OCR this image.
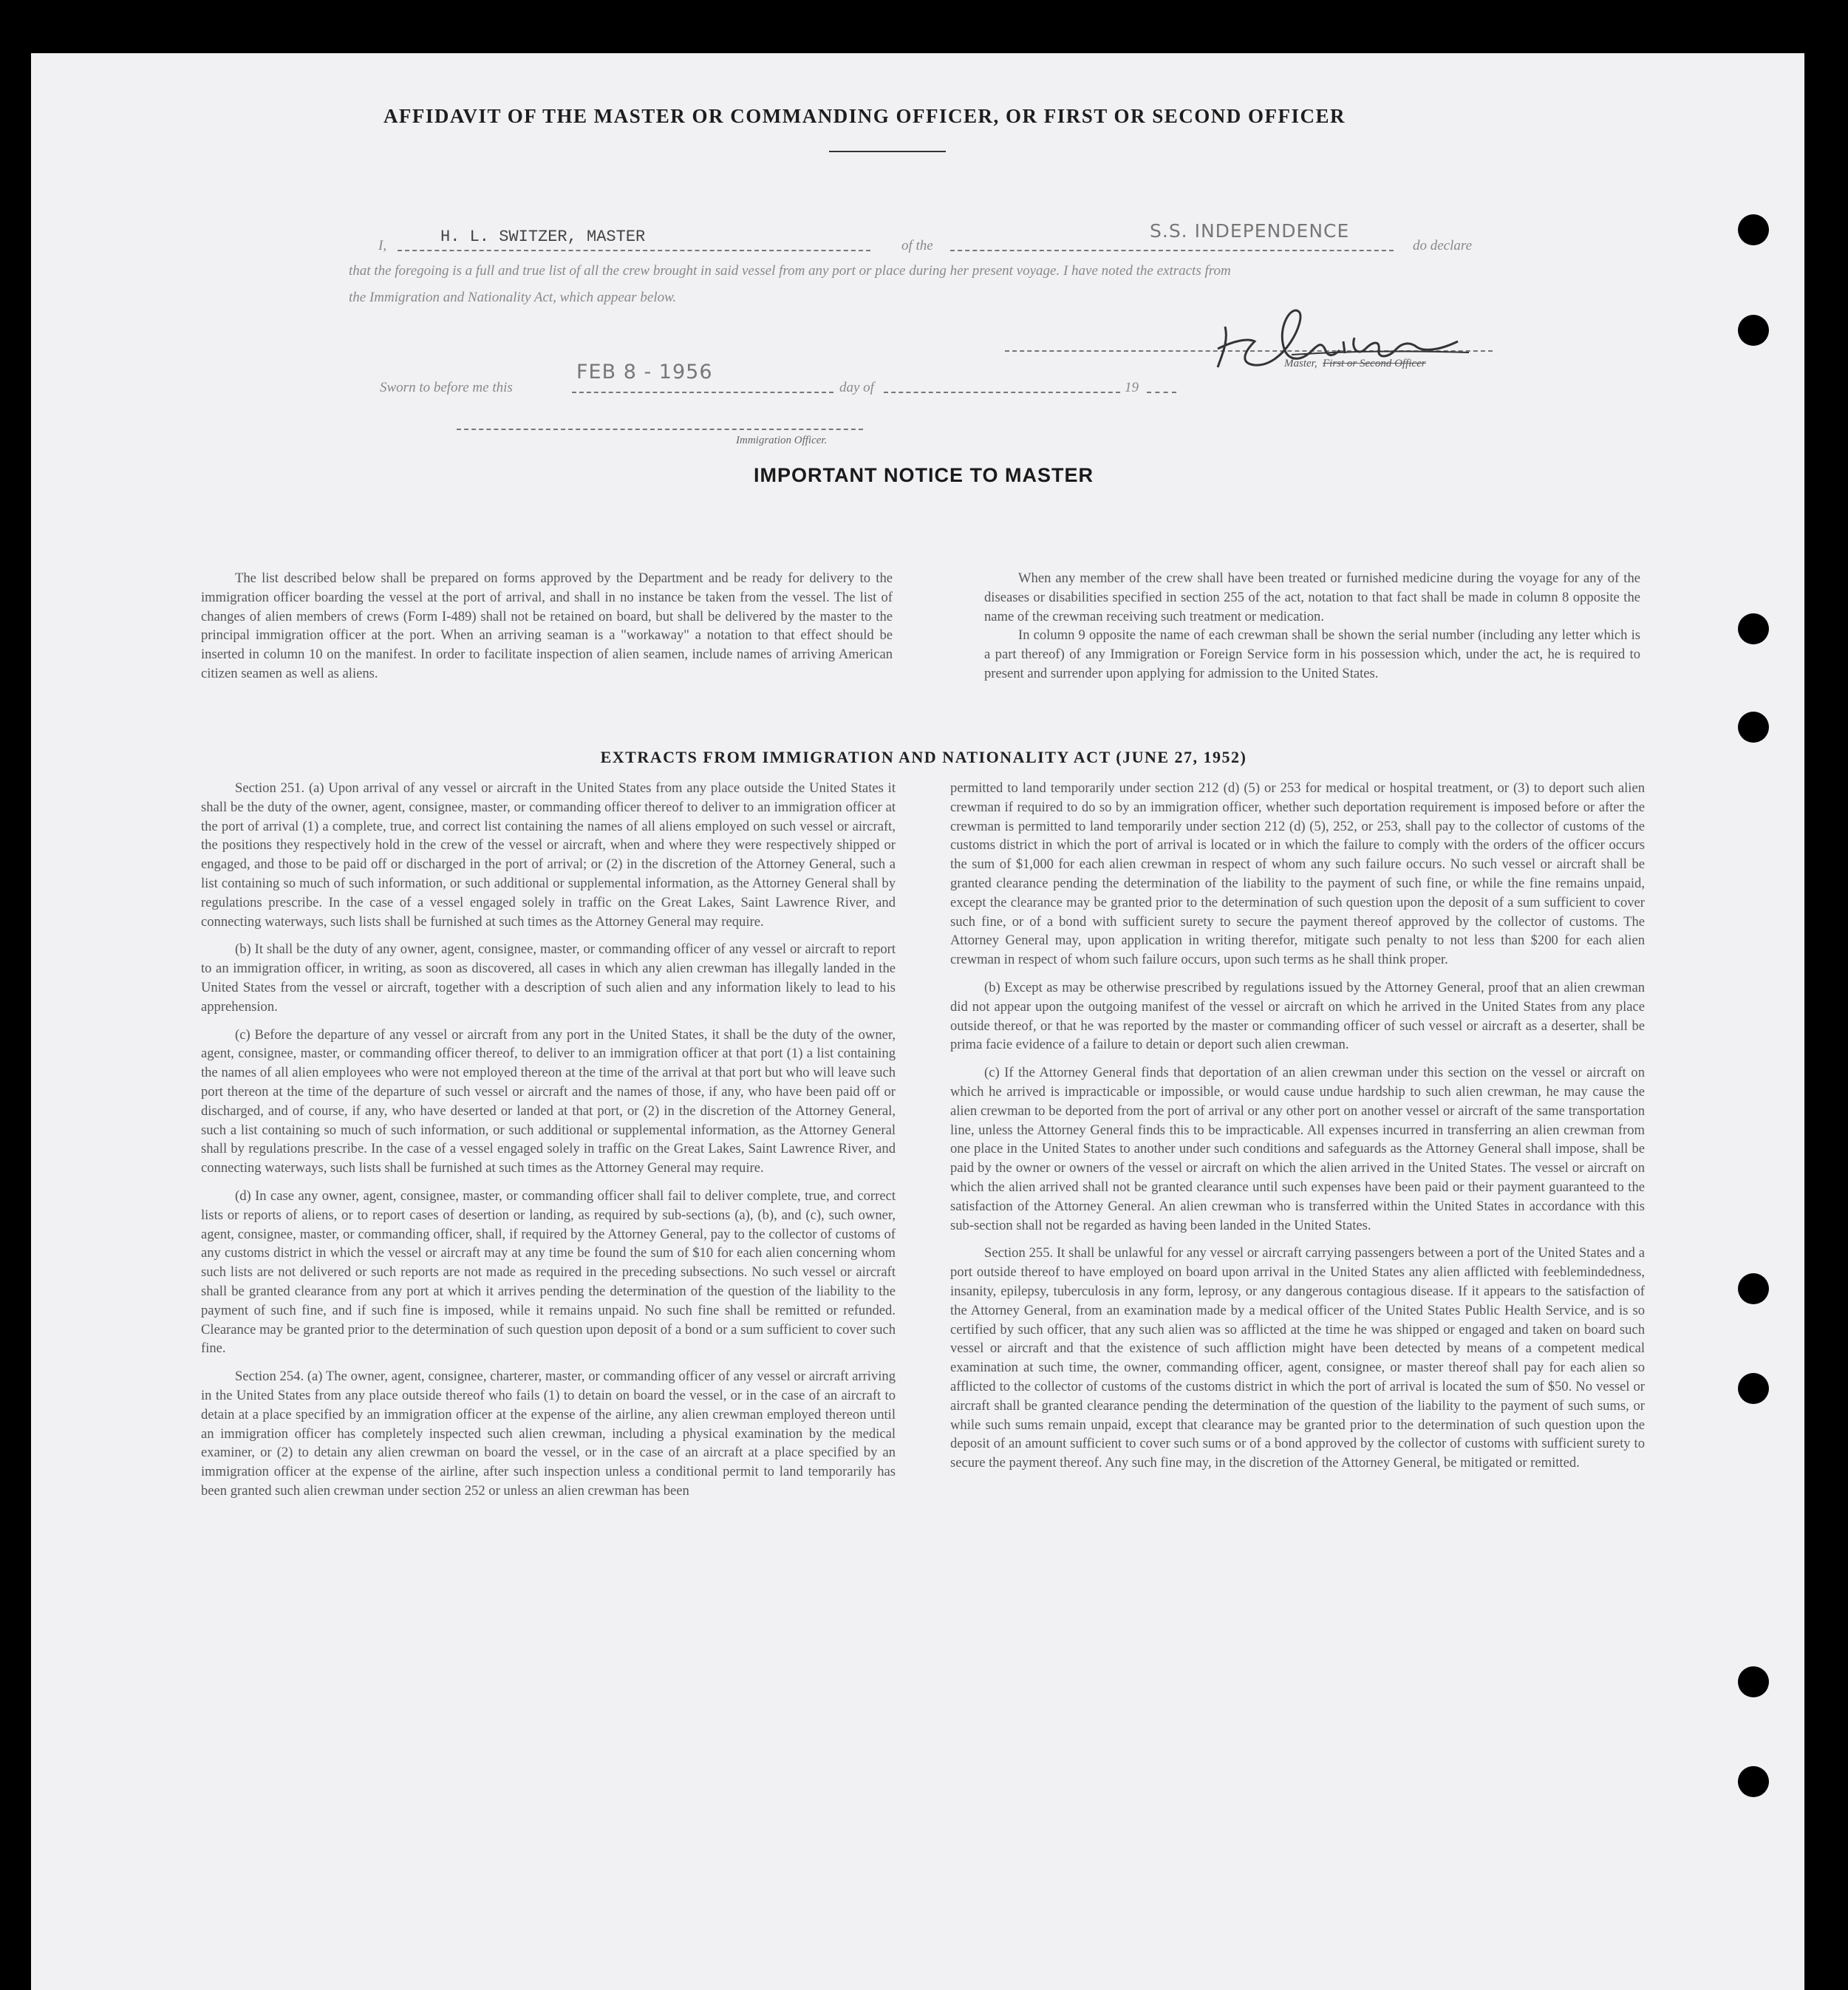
AFFIDAVIT OF THE MASTER OR COMMANDING OFFICER, OR FIRST OR SECOND OFFICER
I,	H. L. SWITZER, MASTER	of the
S.S. INDEPENDENCE
do declare
that the foregoing is a full and true list of all the crew brought in said vessel from any port or place during her present voyage. I have noted the extracts from
the Immigration and Nationality Act, which appear below.
Master, First or Second Officer
Sworn to before me this
FEB 8 - 1956
day of	19
Immigration Officer.
IMPORTANT NOTICE TO MASTER

The list described below shall be prepared on forms approved by the Department and be ready for delivery to the immigration officer boarding the vessel at the port of arrival, and shall in no instance be taken from the vessel. The list of changes of alien members of crews (Form I-489) shall not be retained on board, but shall be delivered by the master to the principal immigration officer at the port. When an arriving seaman is a "workaway" a notation to that effect should be inserted in column 10 on the manifest. In order to facilitate inspection of alien seamen, include names of arriving American citizen seamen as well as aliens.

When any member of the crew shall have been treated or furnished medicine during the voyage for any of the diseases or disabilities specified in section 255 of the act, notation to that fact shall be made in column 8 opposite the name of the crewman receiving such treatment or medication.

In column 9 opposite the name of each crewman shall be shown the serial number (including any letter which is a part thereof) of any Immigration or Foreign Service form in his possession which, under the act, he is required to present and surrender upon applying for admission to the United States.

EXTRACTS FROM IMMIGRATION AND NATIONALITY ACT (JUNE 27, 1952)

Section 251. (a) Upon arrival of any vessel or aircraft in the United States from any place outside the United States it shall be the duty of the owner, agent, consignee, master, or commanding officer thereof to deliver to an immigration officer at the port of arrival (1) a complete, true, and correct list containing the names of all aliens employed on such vessel or aircraft, the positions they respectively hold in the crew of the vessel or aircraft, when and where they were respectively shipped or engaged, and those to be paid off or discharged in the port of arrival; or (2) in the discretion of the Attorney General, such a list containing so much of such information, or such additional or supplemental information, as the Attorney General shall by regulations prescribe. In the case of a vessel engaged solely in traffic on the Great Lakes, Saint Lawrence River, and connecting waterways, such lists shall be furnished at such times as the Attorney General may require.

(b) It shall be the duty of any owner, agent, consignee, master, or commanding officer of any vessel or aircraft to report to an immigration officer, in writing, as soon as discovered, all cases in which any alien crewman has illegally landed in the United States from the vessel or aircraft, together with a description of such alien and any information likely to lead to his apprehension.

(c) Before the departure of any vessel or aircraft from any port in the United States, it shall be the duty of the owner, agent, consignee, master, or commanding officer thereof, to deliver to an immigration officer at that port (1) a list containing the names of all alien employees who were not employed thereon at the time of the arrival at that port but who will leave such port thereon at the time of the departure of such vessel or aircraft and the names of those, if any, who have been paid off or discharged, and of course, if any, who have deserted or landed at that port, or (2) in the discretion of the Attorney General, such a list containing so much of such information, or such additional or supplemental information, as the Attorney General shall by regulations prescribe. In the case of a vessel engaged solely in traffic on the Great Lakes, Saint Lawrence River, and connecting waterways, such lists shall be furnished at such times as the Attorney General may require.

(d) In case any owner, agent, consignee, master, or commanding officer shall fail to deliver complete, true, and correct lists or reports of aliens, or to report cases of desertion or landing, as required by sub-sections (a), (b), and (c), such owner, agent, consignee, master, or commanding officer, shall, if required by the Attorney General, pay to the collector of customs of any customs district in which the vessel or aircraft may at any time be found the sum of $10 for each alien concerning whom such lists are not delivered or such reports are not made as required in the preceding subsections. No such vessel or aircraft shall be granted clearance from any port at which it arrives pending the determination of the question of the liability to the payment of such fine, and if such fine is imposed, while it remains unpaid. No such fine shall be remitted or refunded. Clearance may be granted prior to the determination of such question upon deposit of a bond or a sum sufficient to cover such fine.

Section 254. (a) The owner, agent, consignee, charterer, master, or commanding officer of any vessel or aircraft arriving in the United States from any place outside thereof who fails (1) to detain on board the vessel, or in the case of an aircraft to detain at a place specified by an immigration officer at the expense of the airline, any alien crewman employed thereon until an immigration officer has completely inspected such alien crewman, including a physical examination by the medical examiner, or (2) to detain any alien crewman on board the vessel, or in the case of an aircraft at a place specified by an immigration officer at the expense of the airline, after such inspection unless a conditional permit to land temporarily has been granted such alien crewman under section 252 or unless an alien crewman has been

permitted to land temporarily under section 212 (d) (5) or 253 for medical or hospital treatment, or (3) to deport such alien crewman if required to do so by an immigration officer, whether such deportation requirement is imposed before or after the crewman is permitted to land temporarily under section 212 (d) (5), 252, or 253, shall pay to the collector of customs of the customs district in which the port of arrival is located or in which the failure to comply with the orders of the officer occurs the sum of $1,000 for each alien crewman in respect of whom any such failure occurs. No such vessel or aircraft shall be granted clearance pending the determination of the liability to the payment of such fine, or while the fine remains unpaid, except the clearance may be granted prior to the determination of such question upon the deposit of a sum sufficient to cover such fine, or of a bond with sufficient surety to secure the payment thereof approved by the collector of customs. The Attorney General may, upon application in writing therefor, mitigate such penalty to not less than $200 for each alien crewman in respect of whom such failure occurs, upon such terms as he shall think proper.

(b) Except as may be otherwise prescribed by regulations issued by the Attorney General, proof that an alien crewman did not appear upon the outgoing manifest of the vessel or aircraft on which he arrived in the United States from any place outside thereof, or that he was reported by the master or commanding officer of such vessel or aircraft as a deserter, shall be prima facie evidence of a failure to detain or deport such alien crewman.

(c) If the Attorney General finds that deportation of an alien crewman under this section on the vessel or aircraft on which he arrived is impracticable or impossible, or would cause undue hardship to such alien crewman, he may cause the alien crewman to be deported from the port of arrival or any other port on another vessel or aircraft of the same transportation line, unless the Attorney General finds this to be impracticable. All expenses incurred in transferring an alien crewman from one place in the United States to another under such conditions and safeguards as the Attorney General shall impose, shall be paid by the owner or owners of the vessel or aircraft on which the alien arrived in the United States. The vessel or aircraft on which the alien arrived shall not be granted clearance until such expenses have been paid or their payment guaranteed to the satisfaction of the Attorney General. An alien crewman who is transferred within the United States in accordance with this sub-section shall not be regarded as having been landed in the United States.

Section 255. It shall be unlawful for any vessel or aircraft carrying passengers between a port of the United States and a port outside thereof to have employed on board upon arrival in the United States any alien afflicted with feeblemindedness, insanity, epilepsy, tuberculosis in any form, leprosy, or any dangerous contagious disease. If it appears to the satisfaction of the Attorney General, from an examination made by a medical officer of the United States Public Health Service, and is so certified by such officer, that any such alien was so afflicted at the time he was shipped or engaged and taken on board such vessel or aircraft and that the existence of such affliction might have been detected by means of a competent medical examination at such time, the owner, commanding officer, agent, consignee, or master thereof shall pay for each alien so afflicted to the collector of customs of the customs district in which the port of arrival is located the sum of $50. No vessel or aircraft shall be granted clearance pending the determination of the question of the liability to the payment of such sums, or while such sums remain unpaid, except that clearance may be granted prior to the determination of such question upon the deposit of an amount sufficient to cover such sums or of a bond approved by the collector of customs with sufficient surety to secure the payment thereof. Any such fine may, in the discretion of the Attorney General, be mitigated or remitted.
